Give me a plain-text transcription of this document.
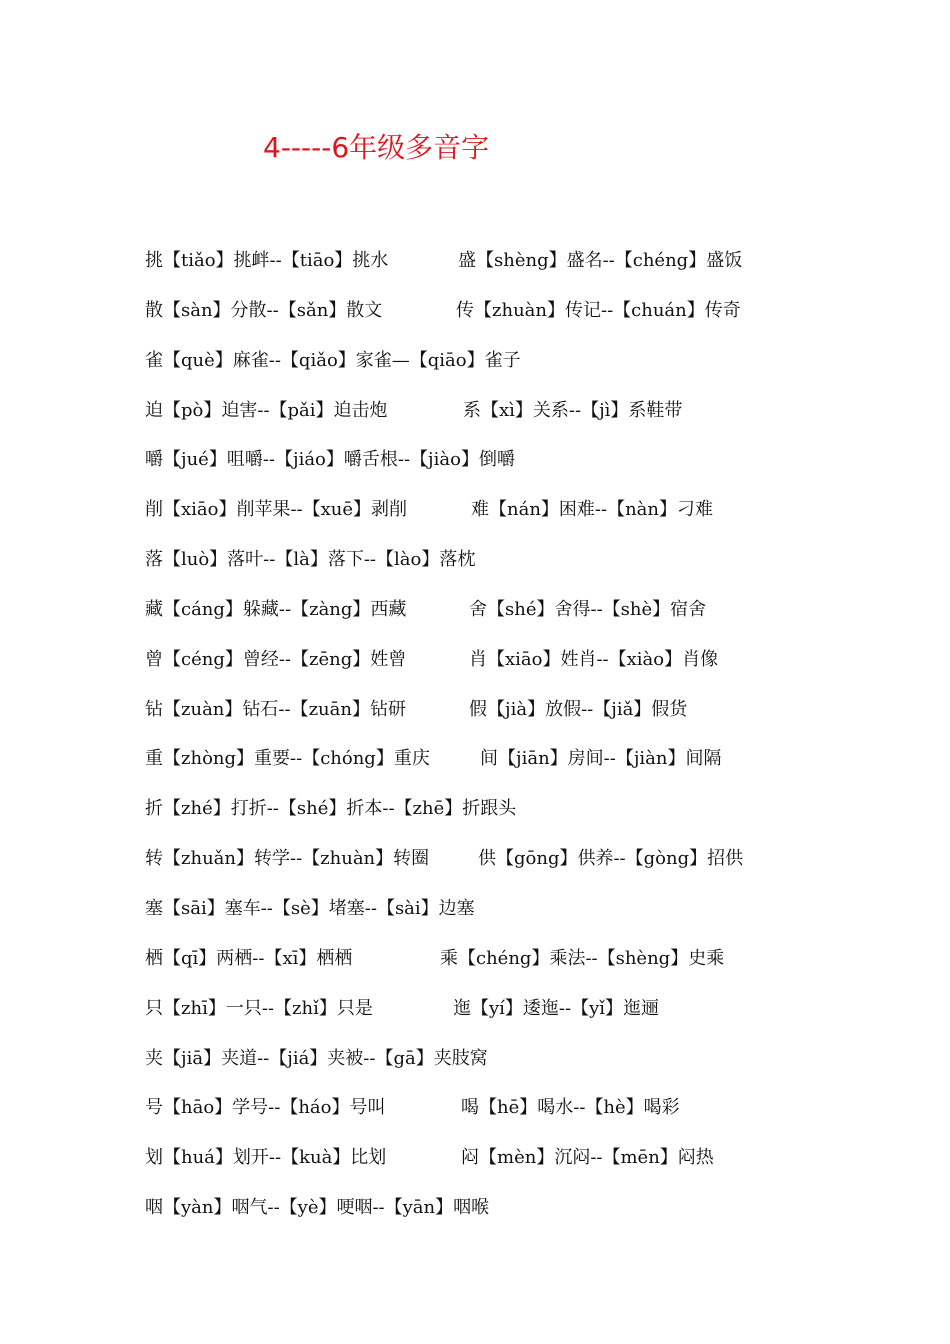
4-----6年级多音字
挑【tiǎo】挑衅--【tiāo】挑水	盛【shèng】盛名--【chéng】盛饭
散【sàn】分散--【sǎn】散文	传【zhuàn】传记--【chuán】传奇
雀【què】麻雀--【qiǎo】家雀—【qiāo】雀子
迫【pò】迫害--【pǎi】迫击炮	系【xì】关系--【jì】系鞋带
嚼【jué】咀嚼--【jiáo】嚼舌根--【jiào】倒嚼
削【xiāo】削苹果--【xuē】剥削	难【nán】困难--【nàn】刁难
落【luò】落叶--【là】落下--【lào】落枕
藏【cáng】躲藏--【zàng】西藏	舍【shé】舍得--【shè】宿舍
曾【céng】曾经--【zēng】姓曾	肖【xiāo】姓肖--【xiào】肖像
钻【zuàn】钻石--【zuān】钻研	假【jià】放假--【jiǎ】假货
重【zhòng】重要--【chóng】重庆	间【jiān】房间--【jiàn】间隔
折【zhé】打折--【shé】折本--【zhē】折跟头
转【zhuǎn】转学--【zhuàn】转圈	供【gōng】供养--【gòng】招供
塞【sāi】塞车--【sè】堵塞--【sài】边塞
栖【qī】两栖--【xī】栖栖	乘【chéng】乘法--【shèng】史乘
只【zhī】一只--【zhǐ】只是	迤【yí】逶迤--【yǐ】迤逦
夹【jiā】夹道--【jiá】夹被--【gā】夹肢窝
号【hāo】学号--【háo】号叫	喝【hē】喝水--【hè】喝彩
划【huá】划开--【kuà】比划	闷【mèn】沉闷--【mēn】闷热
咽【yàn】咽气--【yè】哽咽--【yān】咽喉
